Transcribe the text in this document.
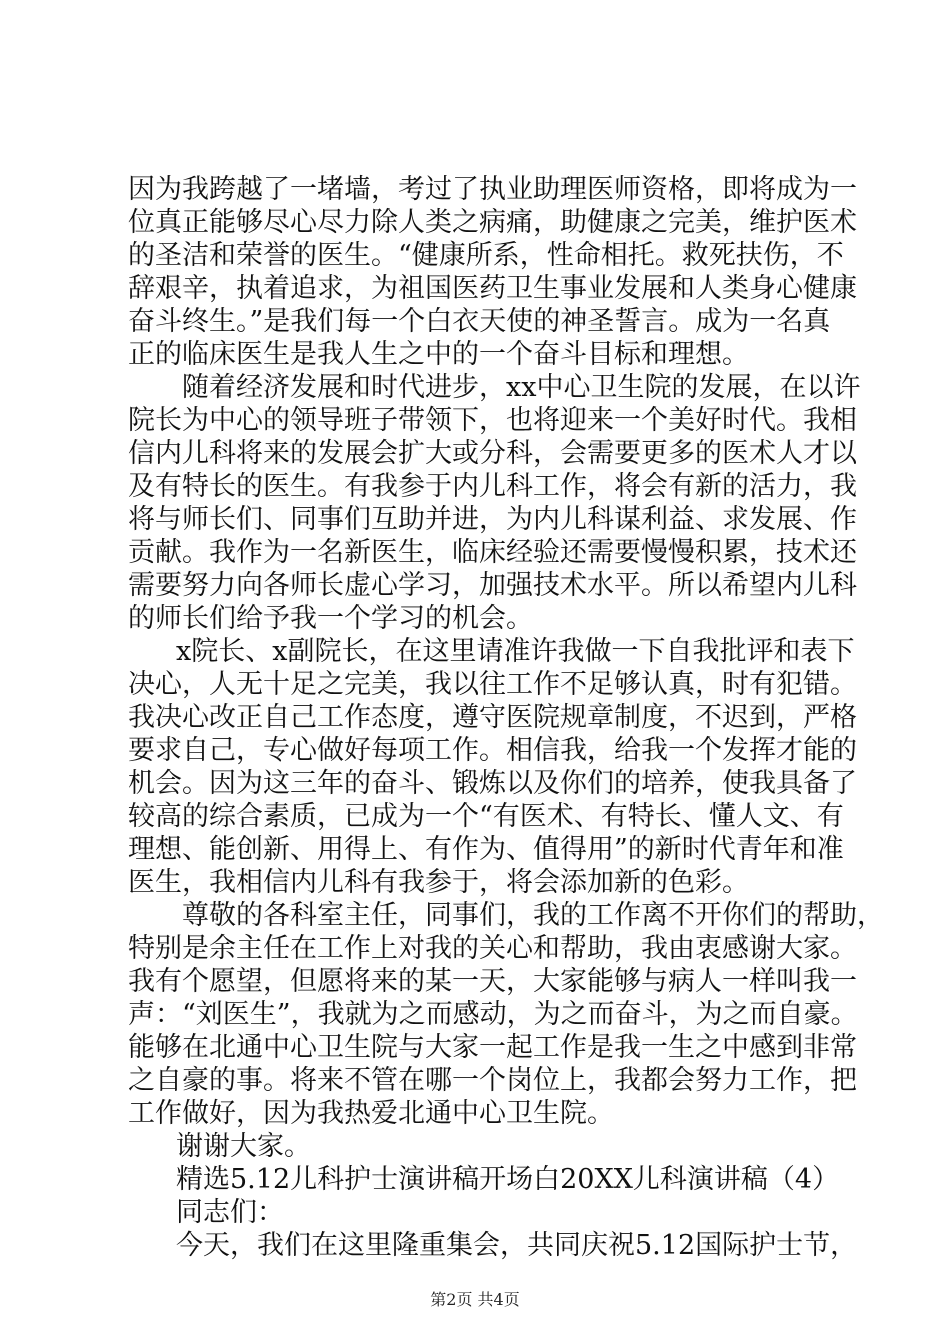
因为我跨越了一堵墙，考过了执业助理医师资格，即将成为一
位真正能够尽心尽力除人类之病痛，助健康之完美，维护医术
的圣洁和荣誉的医生。“健康所系，性命相托。救死扶伤，不
辞艰辛，执着追求，为祖国医药卫生事业发展和人类身心健康
奋斗终生。”是我们每一个白衣天使的神圣誓言。成为一名真
正的临床医生是我人生之中的一个奋斗目标和理想。
随着经济发展和时代进步，xx中心卫生院的发展，在以许
院长为中心的领导班子带领下，也将迎来一个美好时代。我相
信内儿科将来的发展会扩大或分科，会需要更多的医术人才以
及有特长的医生。有我参于内儿科工作，将会有新的活力，我
将与师长们、同事们互助并进，为内儿科谋利益、求发展、作
贡献。我作为一名新医生，临床经验还需要慢慢积累，技术还
需要努力向各师长虚心学习，加强技术水平。所以希望内儿科
的师长们给予我一个学习的机会。
x院长、x副院长，在这里请准许我做一下自我批评和表下
决心，人无十足之完美，我以往工作不足够认真，时有犯错。
我决心改正自己工作态度，遵守医院规章制度，不迟到，严格
要求自己，专心做好每项工作。相信我，给我一个发挥才能的
机会。因为这三年的奋斗、锻炼以及你们的培养，使我具备了
较高的综合素质，已成为一个“有医术、有特长、懂人文、有
理想、能创新、用得上、有作为、值得用”的新时代青年和准
医生，我相信内儿科有我参于，将会添加新的色彩。
尊敬的各科室主任，同事们，我的工作离不开你们的帮助，
特别是余主任在工作上对我的关心和帮助，我由衷感谢大家。
我有个愿望，但愿将来的某一天，大家能够与病人一样叫我一
声：“刘医生”，我就为之而感动，为之而奋斗，为之而自豪。
能够在北通中心卫生院与大家一起工作是我一生之中感到非常
之自豪的事。将来不管在哪一个岗位上，我都会努力工作，把
工作做好，因为我热爱北通中心卫生院。
谢谢大家。
精选5.12儿科护士演讲稿开场白20XX儿科演讲稿（4）
同志们：
今天，我们在这里隆重集会，共同庆祝5.12国际护士节，
第2页 共4页
